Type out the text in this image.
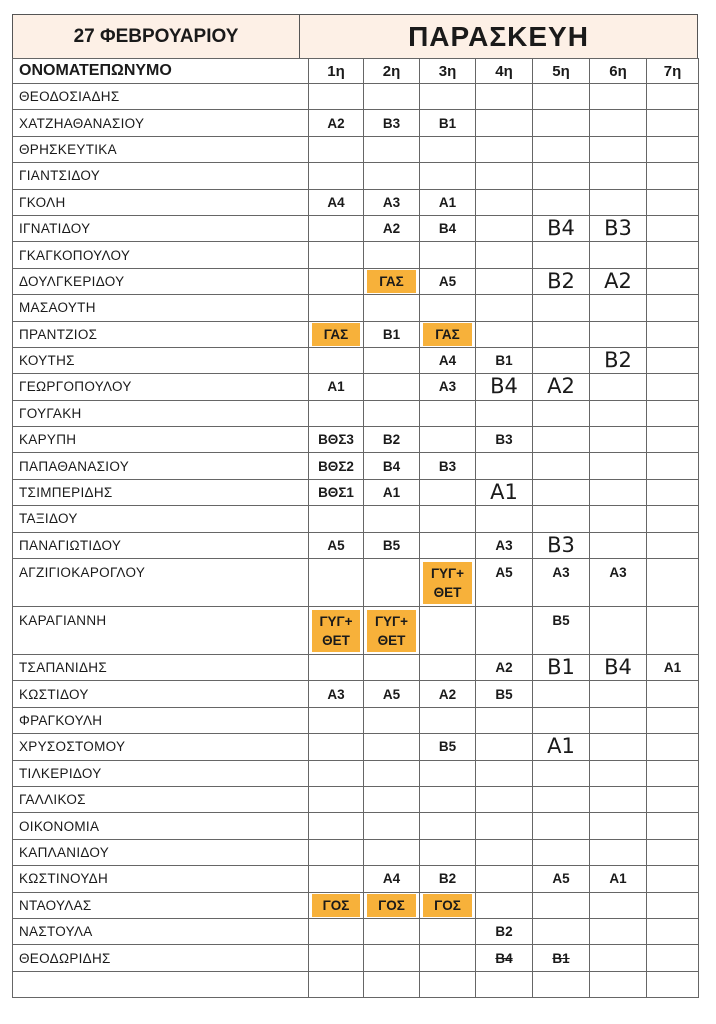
27 ΦΕΒΡΟΥΑΡΙΟΥ	ΠΑΡΑΣΚΕΥΗ
ΟΝΟΜΑΤΕΠΩΝΥΜΟ	1η	2η	3η	4η	5η	6η	7η
ΘΕΟΔΟΣΙΑΔΗΣ							
ΧΑΤΖΗΑΘΑΝΑΣΙΟΥ	Α2	Β3	Β1				
ΘΡΗΣΚΕΥΤΙΚΑ							
ΓΙΑΝΤΣΙΔΟΥ							
ΓΚΟΛΗ	Α4	Α3	Α1				
ΙΓΝΑΤΙΔΟΥ		Α2	Β4		Β4	Β3	
ΓΚΑΓΚΟΠΟΥΛΟΥ							
ΔΟΥΛΓΚΕΡΙΔΟΥ		ΓΑΣ	Α5		Β2	Α2	
ΜΑΣΑΟΥΤΗ							
ΠΡΑΝΤΖΙΟΣ	ΓΑΣ	Β1	ΓΑΣ				

ΚΟΥΤΗΣ			Α4	Β1		Β2	
ΓΕΩΡΓΟΠΟΥΛΟΥ	Α1		Α3	Β4	Α2		
ΓΟΥΓΑΚΗ							
ΚΑΡΥΠΗ	ΒΘΣ3	Β2		Β3			
ΠΑΠΑΘΑΝΑΣΙΟΥ	ΒΘΣ2	Β4	Β3				
ΤΣΙΜΠΕΡΙΔΗΣ	ΒΘΣ1	Α1		Α1			
ΤΑΞΙΔΟΥ							
ΠΑΝΑΓΙΩΤΙΔΟΥ	Α5	Β5		Α3	Β3		
ΑΓΖΙΓΙΟΚΑΡΟΓΛΟΥ			ΓΥΓ+
ΘΕΤ	Α5	Α3	Α3	
ΚΑΡΑΓΙΑΝΝΗ	ΓΥΓ+
ΘΕΤ	ΓΥΓ+
ΘΕΤ			Β5		
ΤΣΑΠΑΝΙΔΗΣ				Α2	Β1	Β4	Α1
ΚΩΣΤΙΔΟΥ	Α3	Α5	Α2	Β5			
ΦΡΑΓΚΟΥΛΗ							
ΧΡΥΣΟΣΤΟΜΟΥ			Β5		Α1		
ΤΙΛΚΕΡΙΔΟΥ							
ΓΑΛΛΙΚΟΣ							
ΟΙΚΟΝΟΜΙΑ							
ΚΑΠΛΑΝΙΔΟΥ							
ΚΩΣΤΙΝΟΥΔΗ		Α4	Β2		Α5	Α1	
ΝΤΑΟΥΛΑΣ	ΓΟΣ	ΓΟΣ	ΓΟΣ				

ΝΑΣΤΟΥΛΑ				Β2			
ΘΕΟΔΩΡΙΔΗΣ				Β4	Β1		
